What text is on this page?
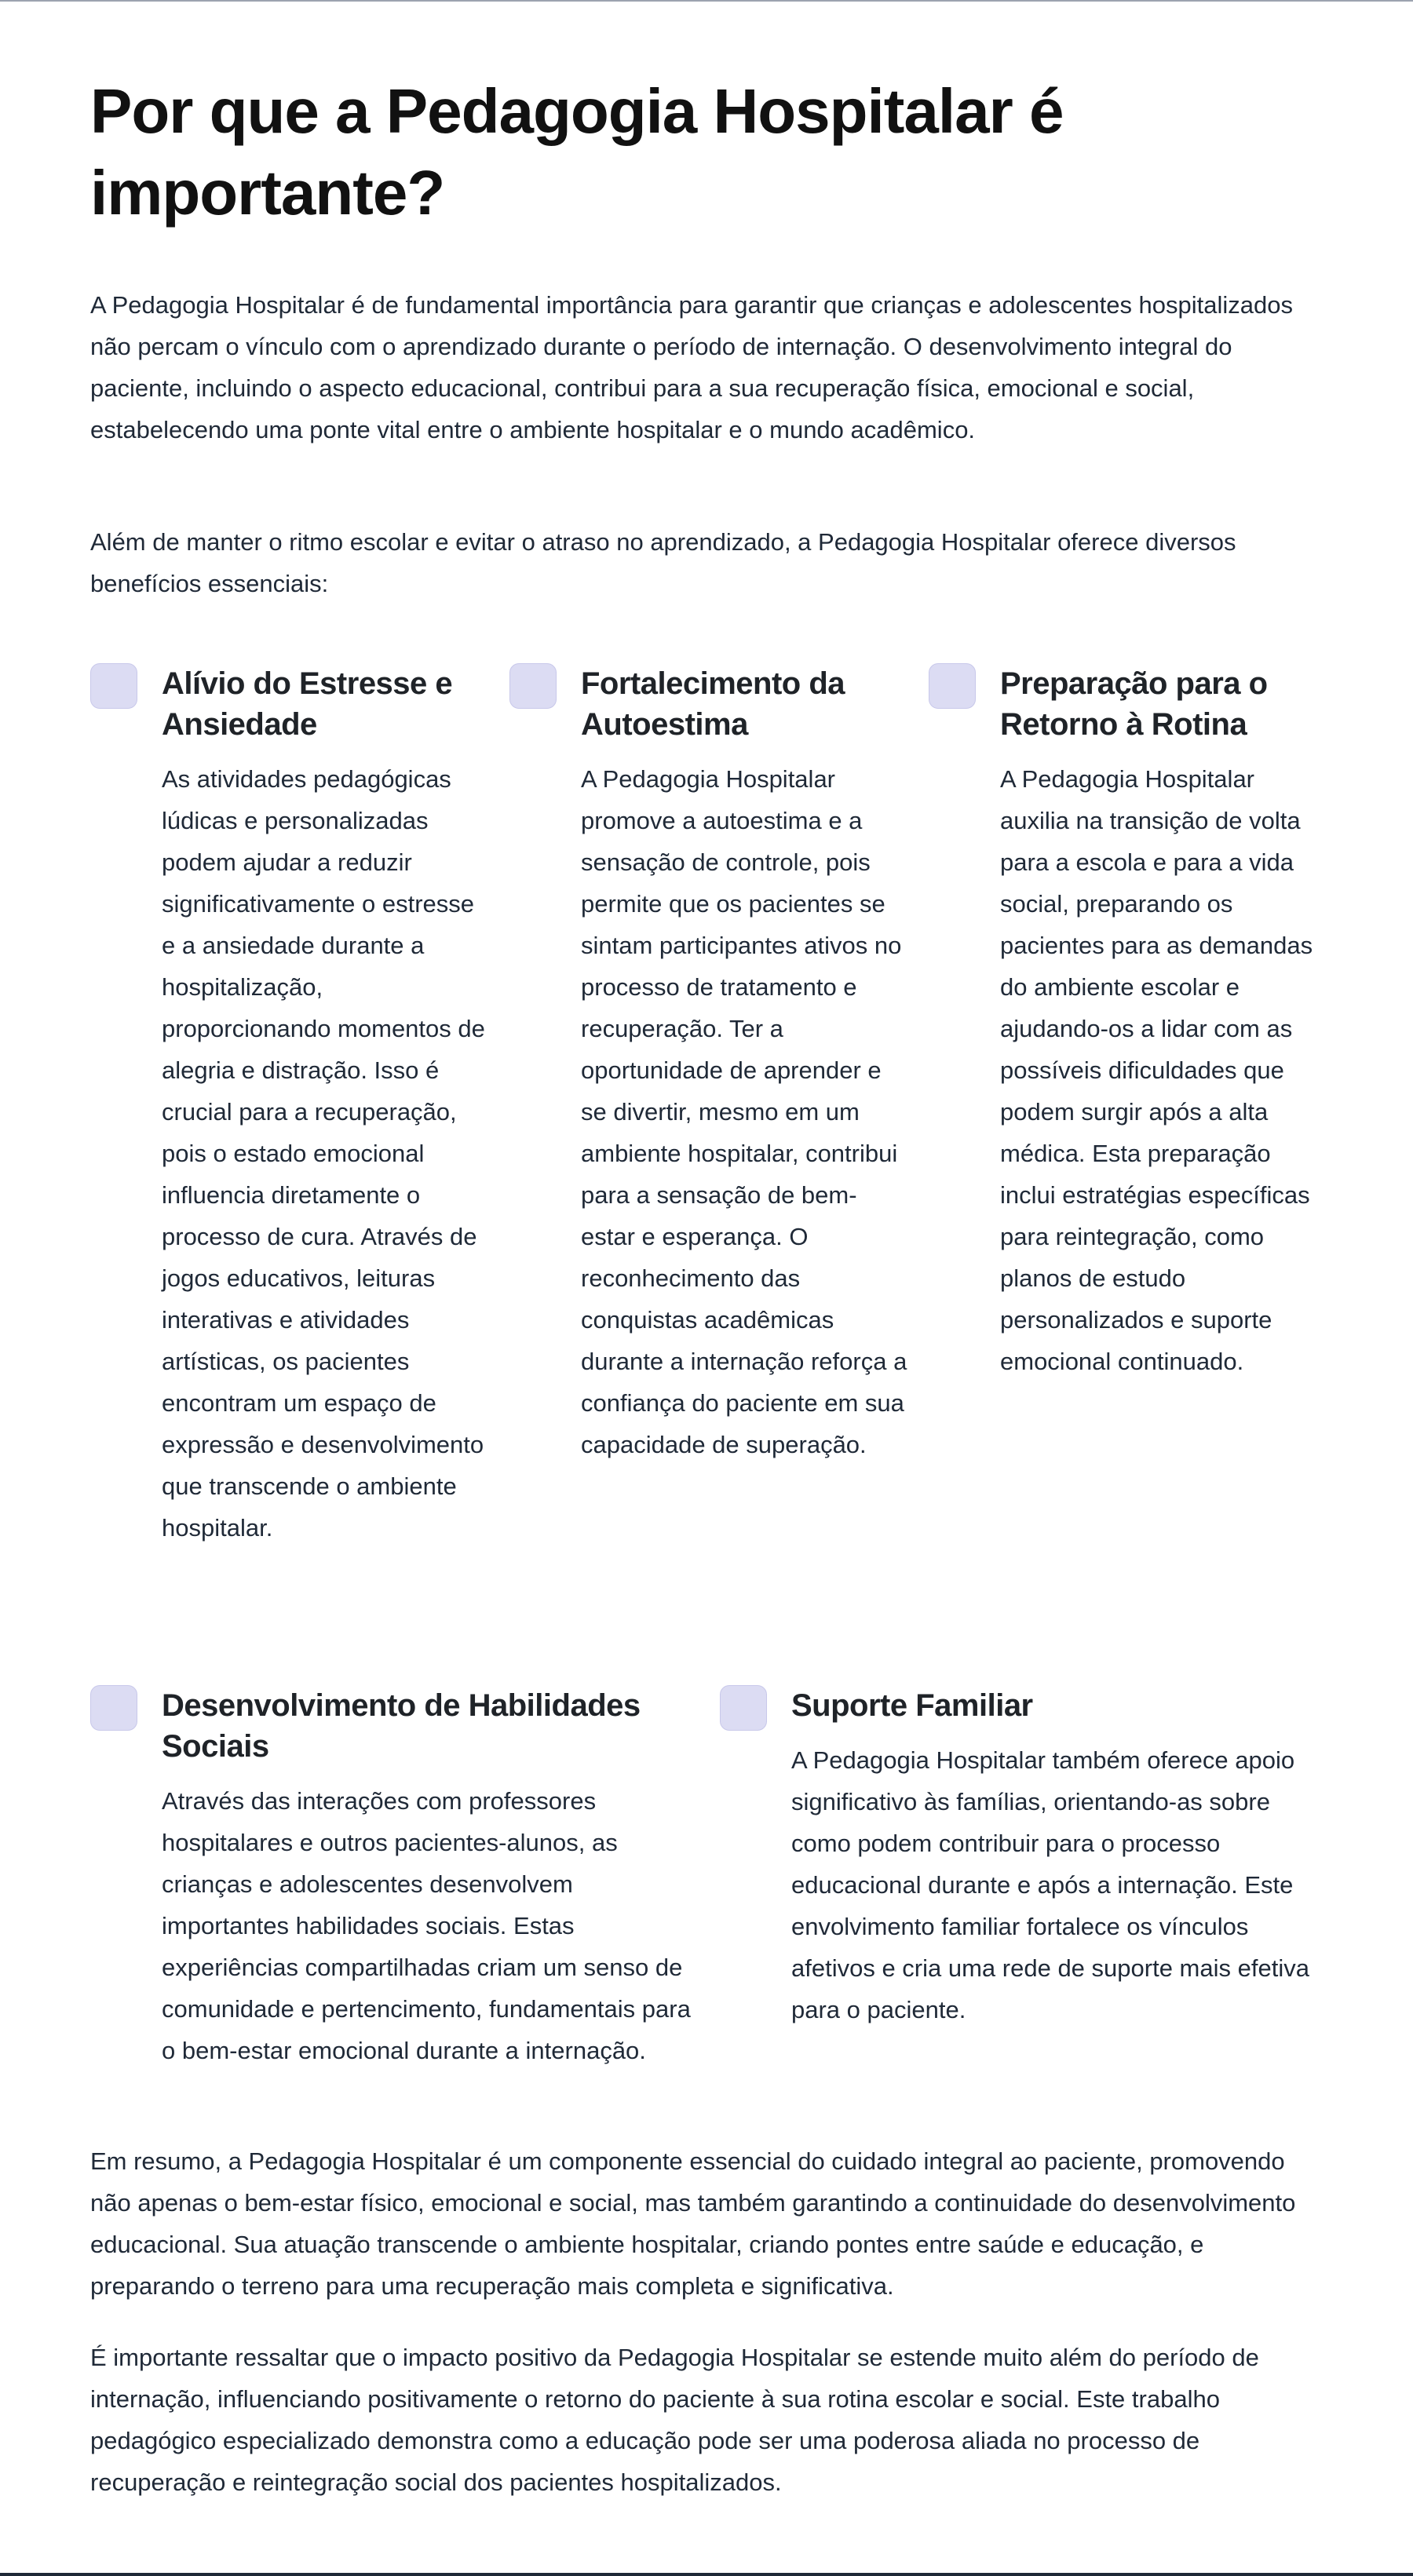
Por que a Pedagogia Hospitalar é importante?

A Pedagogia Hospitalar é de fundamental importância para garantir que crianças e adolescentes hospitalizados não percam o vínculo com o aprendizado durante o período de internação. O desenvolvimento integral do paciente, incluindo o aspecto educacional, contribui para a sua recuperação física, emocional e social, estabelecendo uma ponte vital entre o ambiente hospitalar e o mundo acadêmico.

Além de manter o ritmo escolar e evitar o atraso no aprendizado, a Pedagogia Hospitalar oferece diversos benefícios essenciais:

Alívio do Estresse e Ansiedade

As atividades pedagógicas lúdicas e personalizadas podem ajudar a reduzir significativamente o estresse e a ansiedade durante a hospitalização, proporcionando momentos de alegria e distração. Isso é crucial para a recuperação, pois o estado emocional influencia diretamente o processo de cura. Através de jogos educativos, leituras interativas e atividades artísticas, os pacientes encontram um espaço de expressão e desenvolvimento que transcende o ambiente hospitalar.

Fortalecimento da Autoestima

A Pedagogia Hospitalar promove a autoestima e a sensação de controle, pois permite que os pacientes se sintam participantes ativos no processo de tratamento e recuperação. Ter a oportunidade de aprender e se divertir, mesmo em um ambiente hospitalar, contribui para a sensação de bem-estar e esperança. O reconhecimento das conquistas acadêmicas durante a internação reforça a confiança do paciente em sua capacidade de superação.

Preparação para o Retorno à Rotina

A Pedagogia Hospitalar auxilia na transição de volta para a escola e para a vida social, preparando os pacientes para as demandas do ambiente escolar e ajudando-os a lidar com as possíveis dificuldades que podem surgir após a alta médica. Esta preparação inclui estratégias específicas para reintegração, como planos de estudo personalizados e suporte emocional continuado.

Desenvolvimento de Habilidades Sociais

Através das interações com professores hospitalares e outros pacientes-alunos, as crianças e adolescentes desenvolvem importantes habilidades sociais. Estas experiências compartilhadas criam um senso de comunidade e pertencimento, fundamentais para o bem-estar emocional durante a internação.

Suporte Familiar

A Pedagogia Hospitalar também oferece apoio significativo às famílias, orientando-as sobre como podem contribuir para o processo educacional durante e após a internação. Este envolvimento familiar fortalece os vínculos afetivos e cria uma rede de suporte mais efetiva para o paciente.

Em resumo, a Pedagogia Hospitalar é um componente essencial do cuidado integral ao paciente, promovendo não apenas o bem-estar físico, emocional e social, mas também garantindo a continuidade do desenvolvimento educacional. Sua atuação transcende o ambiente hospitalar, criando pontes entre saúde e educação, e preparando o terreno para uma recuperação mais completa e significativa.

É importante ressaltar que o impacto positivo da Pedagogia Hospitalar se estende muito além do período de internação, influenciando positivamente o retorno do paciente à sua rotina escolar e social. Este trabalho pedagógico especializado demonstra como a educação pode ser uma poderosa aliada no processo de recuperação e reintegração social dos pacientes hospitalizados.
